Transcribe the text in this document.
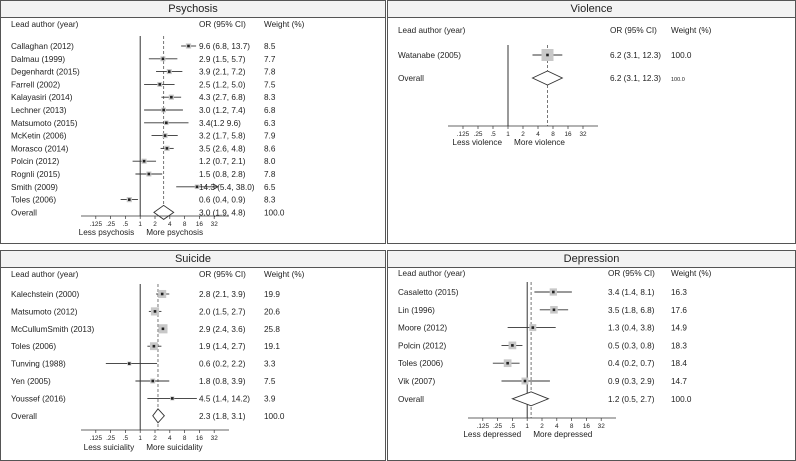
Psychosis
Lead author (year)	OR (95% CI) Weight (%)
Callaghan (2012)	9.6 (6.8, 13.7) 8.5
Dalmau (1999)	2.9 (1.5, 5.7) 7.7
Degenhardt (2015)	3.9 (2.1, 7.2) 7.8
Farrell (2002)	2.5 (1.2, 5.0) 7.5
Kalayasiri (2014)	4.3 (2.7, 6.8) 8.3
Lechner (2013)	3.0 (1.2, 7.4) 6.8
Matsumoto (2015)	3.4(1.2 9.6)	6.3
McKetin (2006)	3.2 (1.7, 5.8) 7.9
Morasco (2014)	3.5 (2.6, 4.8) 8.6
Polcin (2012)	1.2 (0.7, 2.1) 8.0
Rognli (2015)	1.5 (0.8, 2.8) 7.8
Smith (2009)	14.3 (5.4, 38.0) 6.5
Toles (2006)	0.6 (0.4, 0.9) 8.3
Overall	3.0 (1.9, 4.8) 100.0
.125 .25 .5 1 2 4 8 16 32
Less psychosis More psychosis
Violence
Lead author (year)	OR (95% CI) Weight (%)
Watanabe (2005)	6.2 (3.1, 12.3) 100.0
Overall	6.2 (3.1, 12.3) 100.0
.125 .25 .5 1 2 4 8 16 32
Less violence More violence
Suicide
Lead author (year)	OR (95% CI) Weight (%)
Kalechstein (2000)	2.8 (2.1, 3.9) 19.9
Matsumoto (2012)	2.0 (1.5, 2.7) 20.6
McCullumSmith (2013)	2.9 (2.4, 3.6) 25.8
Toles (2006)	1.9 (1.4, 2.7) 19.1
Tunving (1988)	0.6 (0.2, 2.2) 3.3
Yen (2005)	1.8 (0.8, 3.9) 7.5
Youssef (2016)	4.5 (1.4, 14.2) 3.9
Overall	2.3 (1.8, 3.1) 100.0
.125 .25 .5 1 2 4 8 16 32
Less suiciality More suicidality
Depression
Lead author (year)	OR (95% CI) Weight (%)
Casaletto (2015)	3.4 (1.4, 8.1) 16.3
Lin (1996)	3.5 (1.8, 6.8) 17.6
Moore (2012)	1.3 (0.4, 3.8) 14.9
Polcin (2012)	0.5 (0.3, 0.8) 18.3
Toles (2006)	0.4 (0.2, 0.7) 18.4
Vik (2007)	0.9 (0.3, 2.9) 14.7
Overall	1.2 (0.5, 2.7) 100.0
.125 .25 .5 1 2 4 8 16 32
Less depressed More depressed
